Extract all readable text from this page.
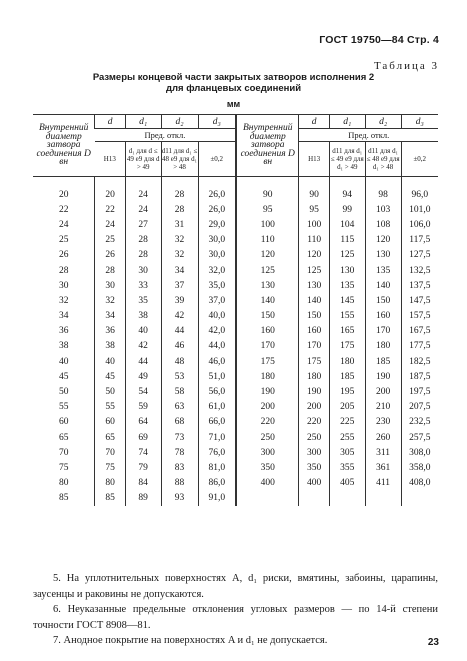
ГОСТ 19750—84 Стр. 4
Таблица 3
Размеры концевой части закрытых затворов исполнения 2
для фланцевых соединений
мм
Внутренний диаметр затвора соединения D вн	d	d₁	d₂	d₃	Внутренний диаметр затвора соединения D вн	d	d₁	d₂	d₃
	Пред. откл.					Пред. откл.			
	Н13	d₁ для d ≤ 49 e9 для d > 49	d11 для d₁ ≤ 48 e9 для d₁ > 48	±0,2		Н13	d11 для d₁ ≤ 49 e9 для d₁ > 49	d11 для d₁ ≤ 48 e9 для d₁ > 48	±0,2

20	20	24	28	26,0	90	90	94	98	96,0
22	22	24	28	26,0	95	95	99	103	101,0
24	24	27	31	29,0	100	100	104	108	106,0
25	25	28	32	30,0	110	110	115	120	117,5
26	26	28	32	30,0	120	120	125	130	127,5
28	28	30	34	32,0	125	125	130	135	132,5
30	30	33	37	35,0	130	130	135	140	137,5
32	32	35	39	37,0	140	140	145	150	147,5
34	34	38	42	40,0	150	150	155	160	157,5
36	36	40	44	42,0	160	160	165	170	167,5
38	38	42	46	44,0	170	170	175	180	177,5
40	40	44	48	46,0	175	175	180	185	182,5
45	45	49	53	51,0	180	180	185	190	187,5
50	50	54	58	56,0	190	190	195	200	197,5
55	55	59	63	61,0	200	200	205	210	207,5
60	60	64	68	66,0	220	220	225	230	232,5
65	65	69	73	71,0	250	250	255	260	257,5
70	70	74	78	76,0	300	300	305	311	308,0
75	75	79	83	81,0	350	350	355	361	358,0
80	80	84	88	86,0	400	400	405	411	408,0
85	85	89	93	91,0					

5. На уплотнительных поверхностях A, d₁ риски, вмятины, забоины, царапины, заусенцы и раковины не допускаются.

6. Неуказанные предельные отклонения угловых размеров — по 14-й степени точности ГОСТ 8908—81.

7. Анодное покрытие на поверхностях A и d₁ не допускается.	23
